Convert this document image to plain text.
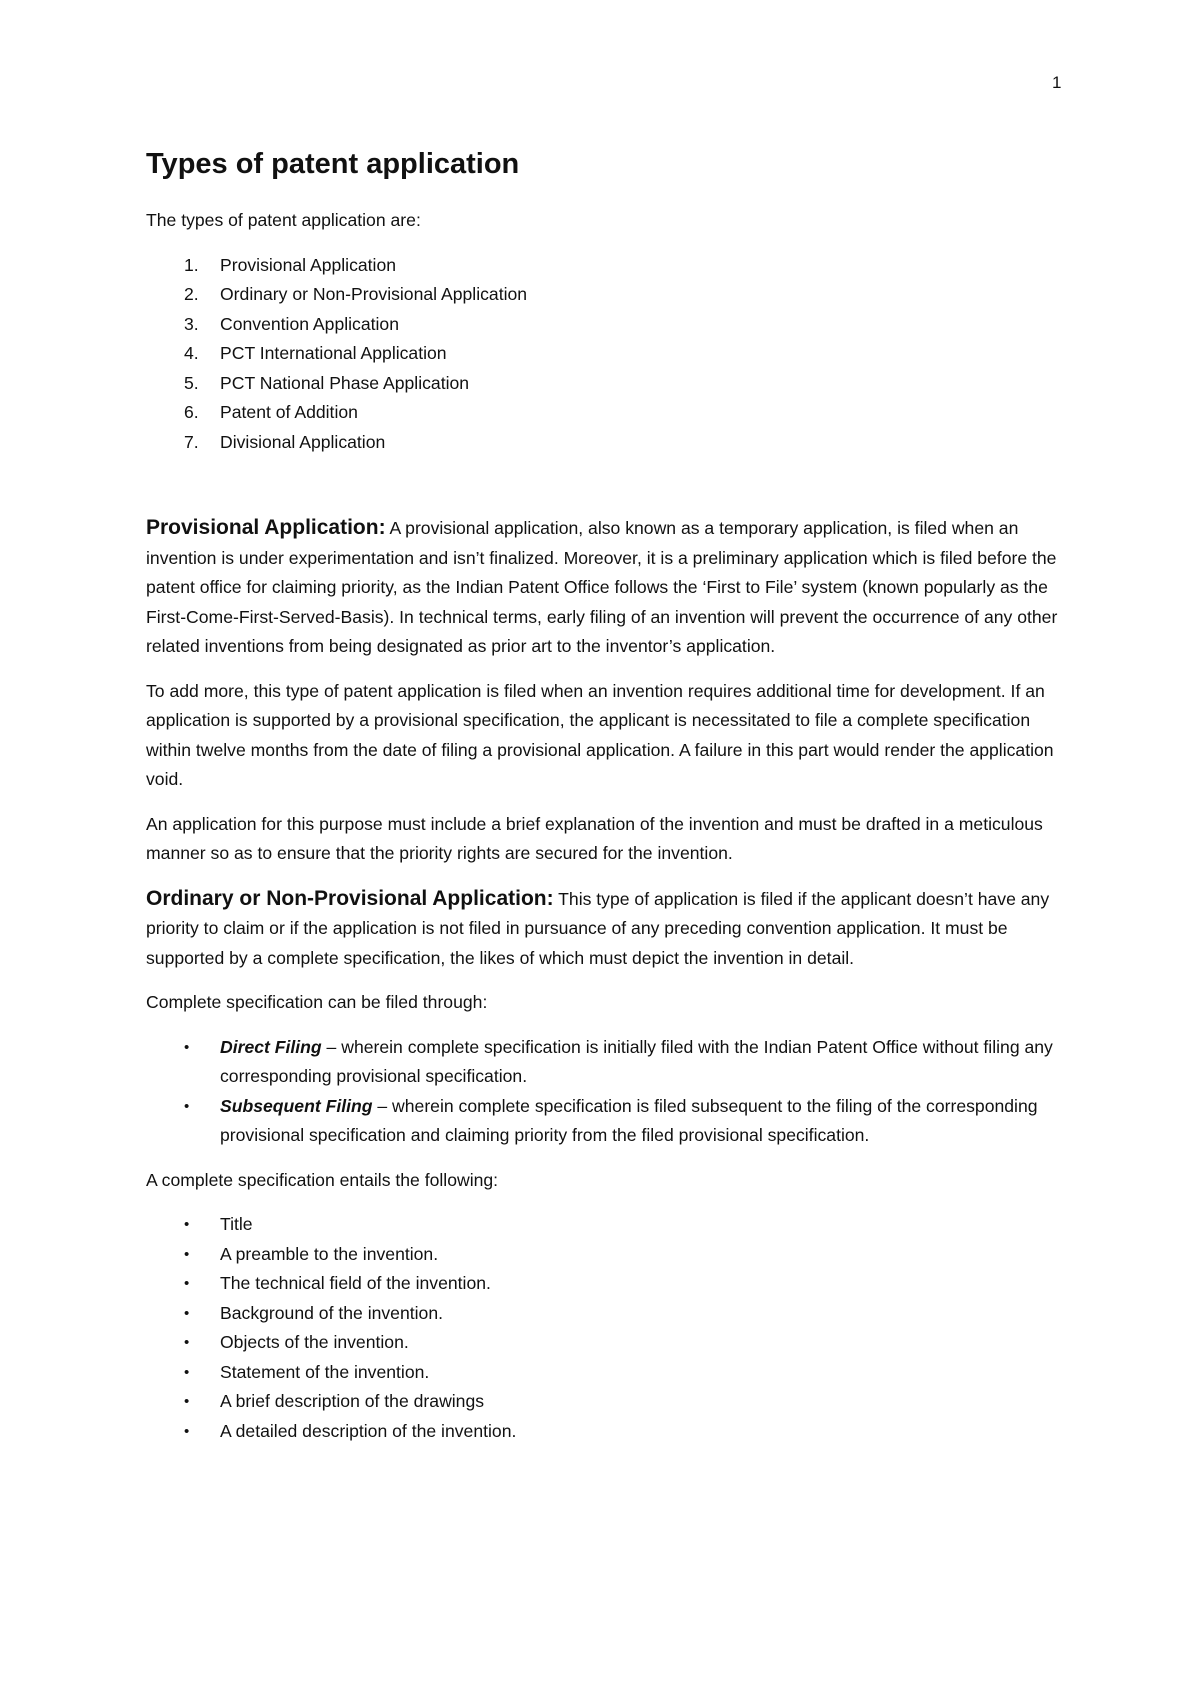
1
Types of patent application

The types of patent application are:

1. Provisional Application
2. Ordinary or Non-Provisional Application
3. Convention Application
4. PCT International Application
5. PCT National Phase Application
6. Patent of Addition
7. Divisional Application

Provisional Application: A provisional application, also known as a temporary application, is filed when an invention is under experimentation and isn’t finalized. Moreover, it is a preliminary application which is filed before the patent office for claiming priority, as the Indian Patent Office follows the ‘First to File’ system (known popularly as the First-Come-First-Served-Basis). In technical terms, early filing of an invention will prevent the occurrence of any other related inventions from being designated as prior art to the inventor’s application.

To add more, this type of patent application is filed when an invention requires additional time for development. If an application is supported by a provisional specification, the applicant is necessitated to file a complete specification within twelve months from the date of filing a provisional application. A failure in this part would render the application void.

An application for this purpose must include a brief explanation of the invention and must be drafted in a meticulous manner so as to ensure that the priority rights are secured for the invention.

Ordinary or Non-Provisional Application: This type of application is filed if the applicant doesn’t have any priority to claim or if the application is not filed in pursuance of any preceding convention application. It must be supported by a complete specification, the likes of which must depict the invention in detail.

Complete specification can be filed through:

• Direct Filing – wherein complete specification is initially filed with the Indian Patent Office without filing any corresponding provisional specification.
• Subsequent Filing – wherein complete specification is filed subsequent to the filing of the corresponding provisional specification and claiming priority from the filed provisional specification.

A complete specification entails the following:

• Title
• A preamble to the invention.
• The technical field of the invention.
• Background of the invention.
• Objects of the invention.
• Statement of the invention.
• A brief description of the drawings
• A detailed description of the invention.
